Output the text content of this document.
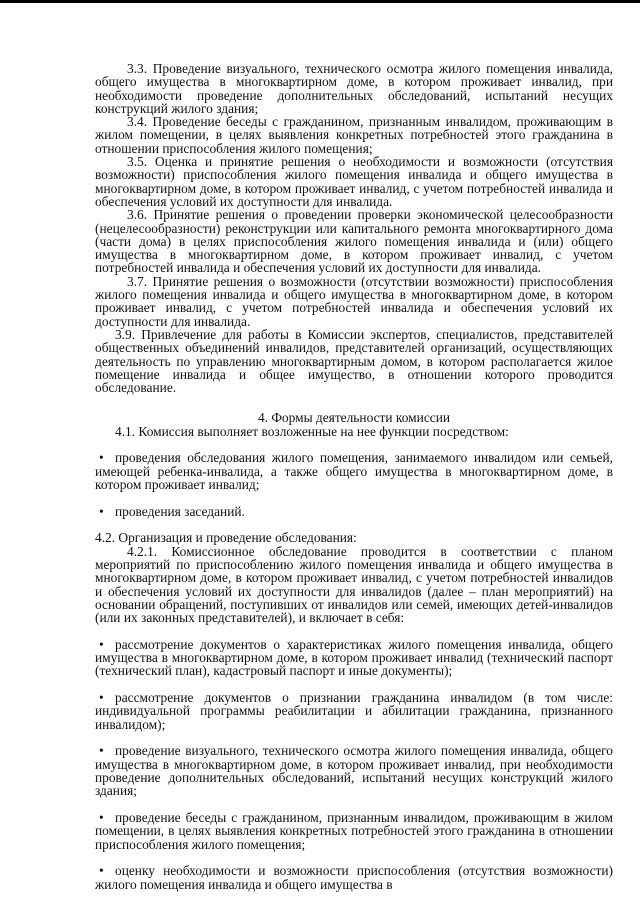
3.3. Проведение визуального, технического осмотра жилого помещения инвалида, общего имущества в многоквартирном доме, в котором проживает инвалид, при необходимости проведение дополнительных обследований, испытаний несущих конструкций жилого здания;

3.4. Проведение беседы с гражданином, признанным инвалидом, проживающим в жилом помещении, в целях выявления конкретных потребностей этого гражданина в отношении приспособления жилого помещения;

3.5. Оценка и принятие решения о необходимости и возможности (отсутствия возможности) приспособления жилого помещения инвалида и общего имущества в многоквартирном доме, в котором проживает инвалид, с учетом потребностей инвалида и обеспечения условий их доступности для инвалида.

3.6. Принятие решения о проведении проверки экономической целесообразности (нецелесообразности) реконструкции или капитального ремонта многоквартирного дома (части дома) в целях приспособления жилого помещения инвалида и (или) общего имущества в многоквартирном доме, в котором проживает инвалид, с учетом потребностей инвалида и обеспечения условий их доступности для инвалида.

3.7. Принятие решения о возможности (отсутствии возможности) приспособления жилого помещения инвалида и общего имущества в многоквартирном доме, в котором проживает инвалид, с учетом потребностей инвалида и обеспечения условий их доступности для инвалида.

3.9. Привлечение для работы в Комиссии экспертов, специалистов, представителей общественных объединений инвалидов, представителей организаций, осуществляющих деятельность по управлению многоквартирным домом, в котором располагается жилое помещение инвалида и общее имущество, в отношении которого проводится обследование.

4. Формы деятельности комиссии

4.1. Комиссия выполняет возложенные на нее функции посредством:

• проведения обследования жилого помещения, занимаемого инвалидом или семьей, имеющей ребенка-инвалида, а также общего имущества в многоквартирном доме, в котором проживает инвалид;

• проведения заседаний.

4.2. Организация и проведение обследования:

4.2.1. Комиссионное обследование проводится в соответствии с планом мероприятий по приспособлению жилого помещения инвалида и общего имущества в многоквартирном доме, в котором проживает инвалид, с учетом потребностей инвалидов и обеспечения условий их доступности для инвалидов (далее – план мероприятий) на основании обращений, поступивших от инвалидов или семей, имеющих детей-инвалидов (или их законных представителей), и включает в себя:

• рассмотрение документов о характеристиках жилого помещения инвалида, общего имущества в многоквартирном доме, в котором проживает инвалид (технический паспорт (технический план), кадастровый паспорт и иные документы);

• рассмотрение документов о признании гражданина инвалидом (в том числе: индивидуальной программы реабилитации и абилитации гражданина, признанного инвалидом);

• проведение визуального, технического осмотра жилого помещения инвалида, общего имущества в многоквартирном доме, в котором проживает инвалид, при необходимости проведение дополнительных обследований, испытаний несущих конструкций жилого здания;

• проведение беседы с гражданином, признанным инвалидом, проживающим в жилом помещении, в целях выявления конкретных потребностей этого гражданина в отношении приспособления жилого помещения;

• оценку необходимости и возможности приспособления (отсутствия возможности) жилого помещения инвалида и общего имущества в
